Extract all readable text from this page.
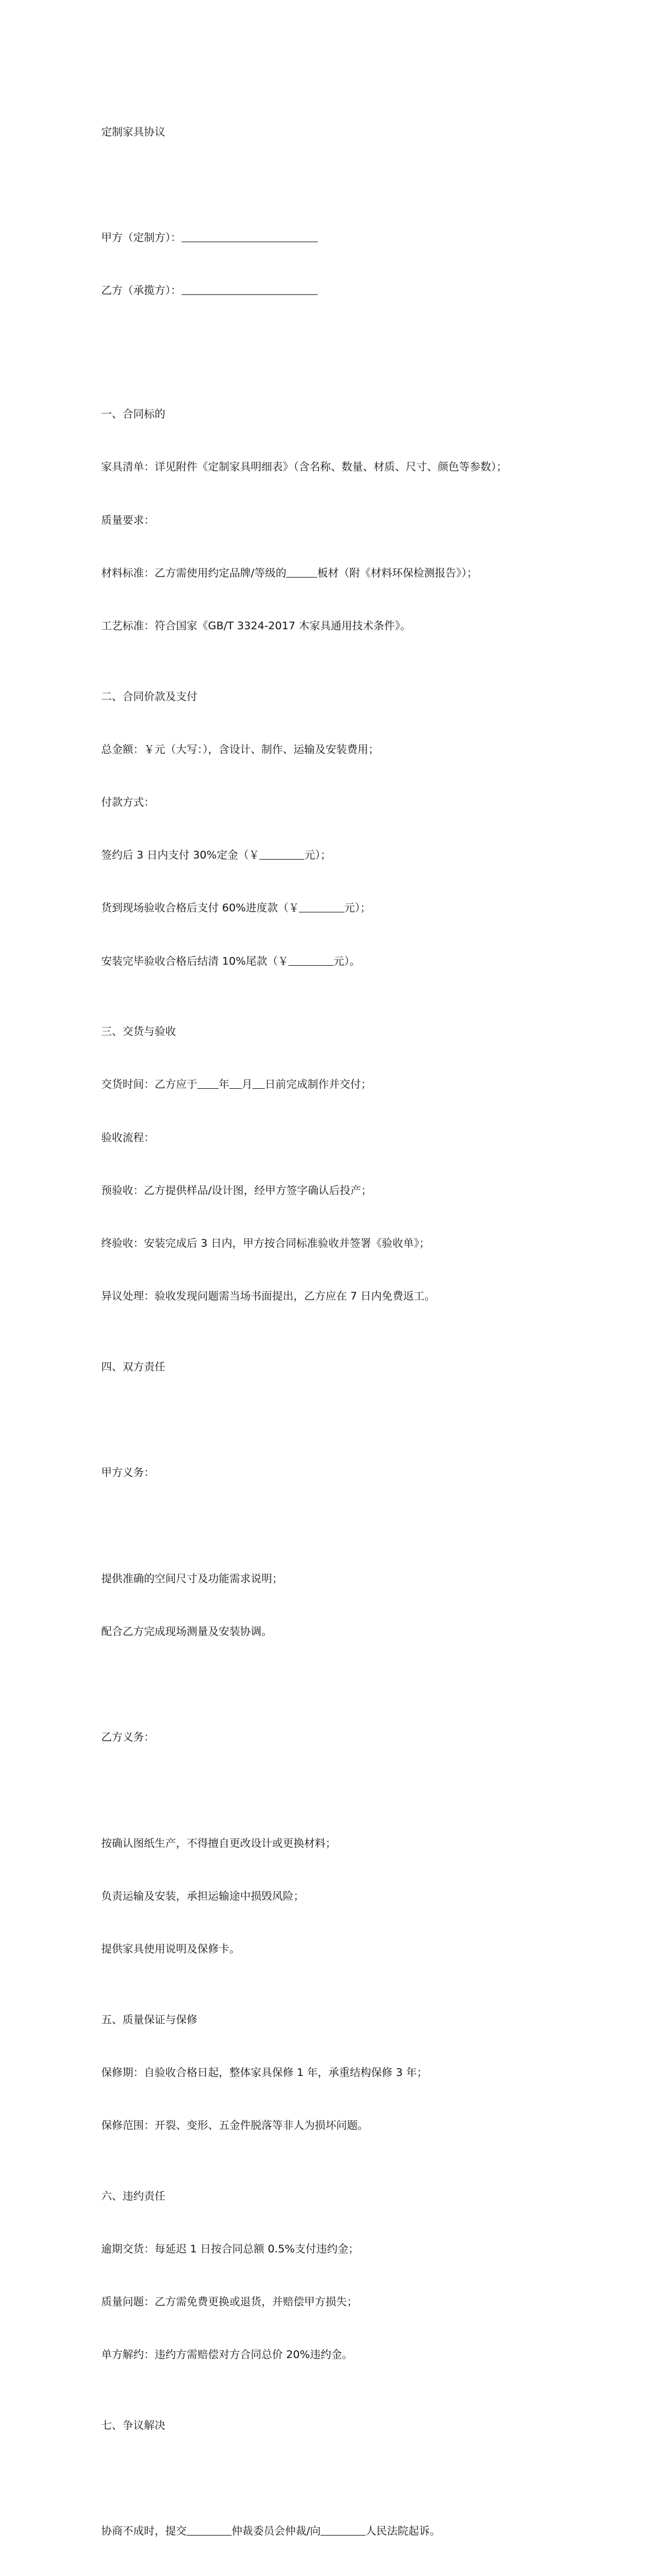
定制家具协议

甲方（定制方）：

乙方（承揽方）：

一、合同标的

家具清单：详见附件《定制家具明细表》（含名称、数量、材质、尺寸、颜色等参数）；

质量要求：

材料标准：乙方需使用约定品牌/等级的	板材（附《材料环保检测报告》）；

工艺标准：符合国家《GB/T 3324-2017 木家具通用技术条件》。

二、合同价款及支付

总金额：￥元（大写：），含设计、制作、运输及安装费用；

付款方式：

签约后 3 日内支付 30%定金（￥	元）；

货到现场验收合格后支付 60%进度款（￥	元）；

安装完毕验收合格后结清 10%尾款（￥	元）。

三、交货与验收

交货时间：乙方应于 年 月 日前完成制作并交付；

验收流程：

预验收：乙方提供样品/设计图，经甲方签字确认后投产；

终验收：安装完成后 3 日内，甲方按合同标准验收并签署《验收单》；

异议处理：验收发现问题需当场书面提出，乙方应在 7 日内免费返工。

四、双方责任

甲方义务：

提供准确的空间尺寸及功能需求说明；

配合乙方完成现场测量及安装协调。

乙方义务：

按确认图纸生产，不得擅自更改设计或更换材料；

负责运输及安装，承担运输途中损毁风险；

提供家具使用说明及保修卡。

五、质量保证与保修

保修期：自验收合格日起，整体家具保修 1 年，承重结构保修 3 年；

保修范围：开裂、变形、五金件脱落等非人为损坏问题。

六、违约责任

逾期交货：每延迟 1 日按合同总额 0.5%支付违约金；

质量问题：乙方需免费更换或退货，并赔偿甲方损失；

单方解约：违约方需赔偿对方合同总价 20%违约金。

七、争议解决

协商不成时，提交	仲裁委员会仲裁/向	人民法院起诉。
